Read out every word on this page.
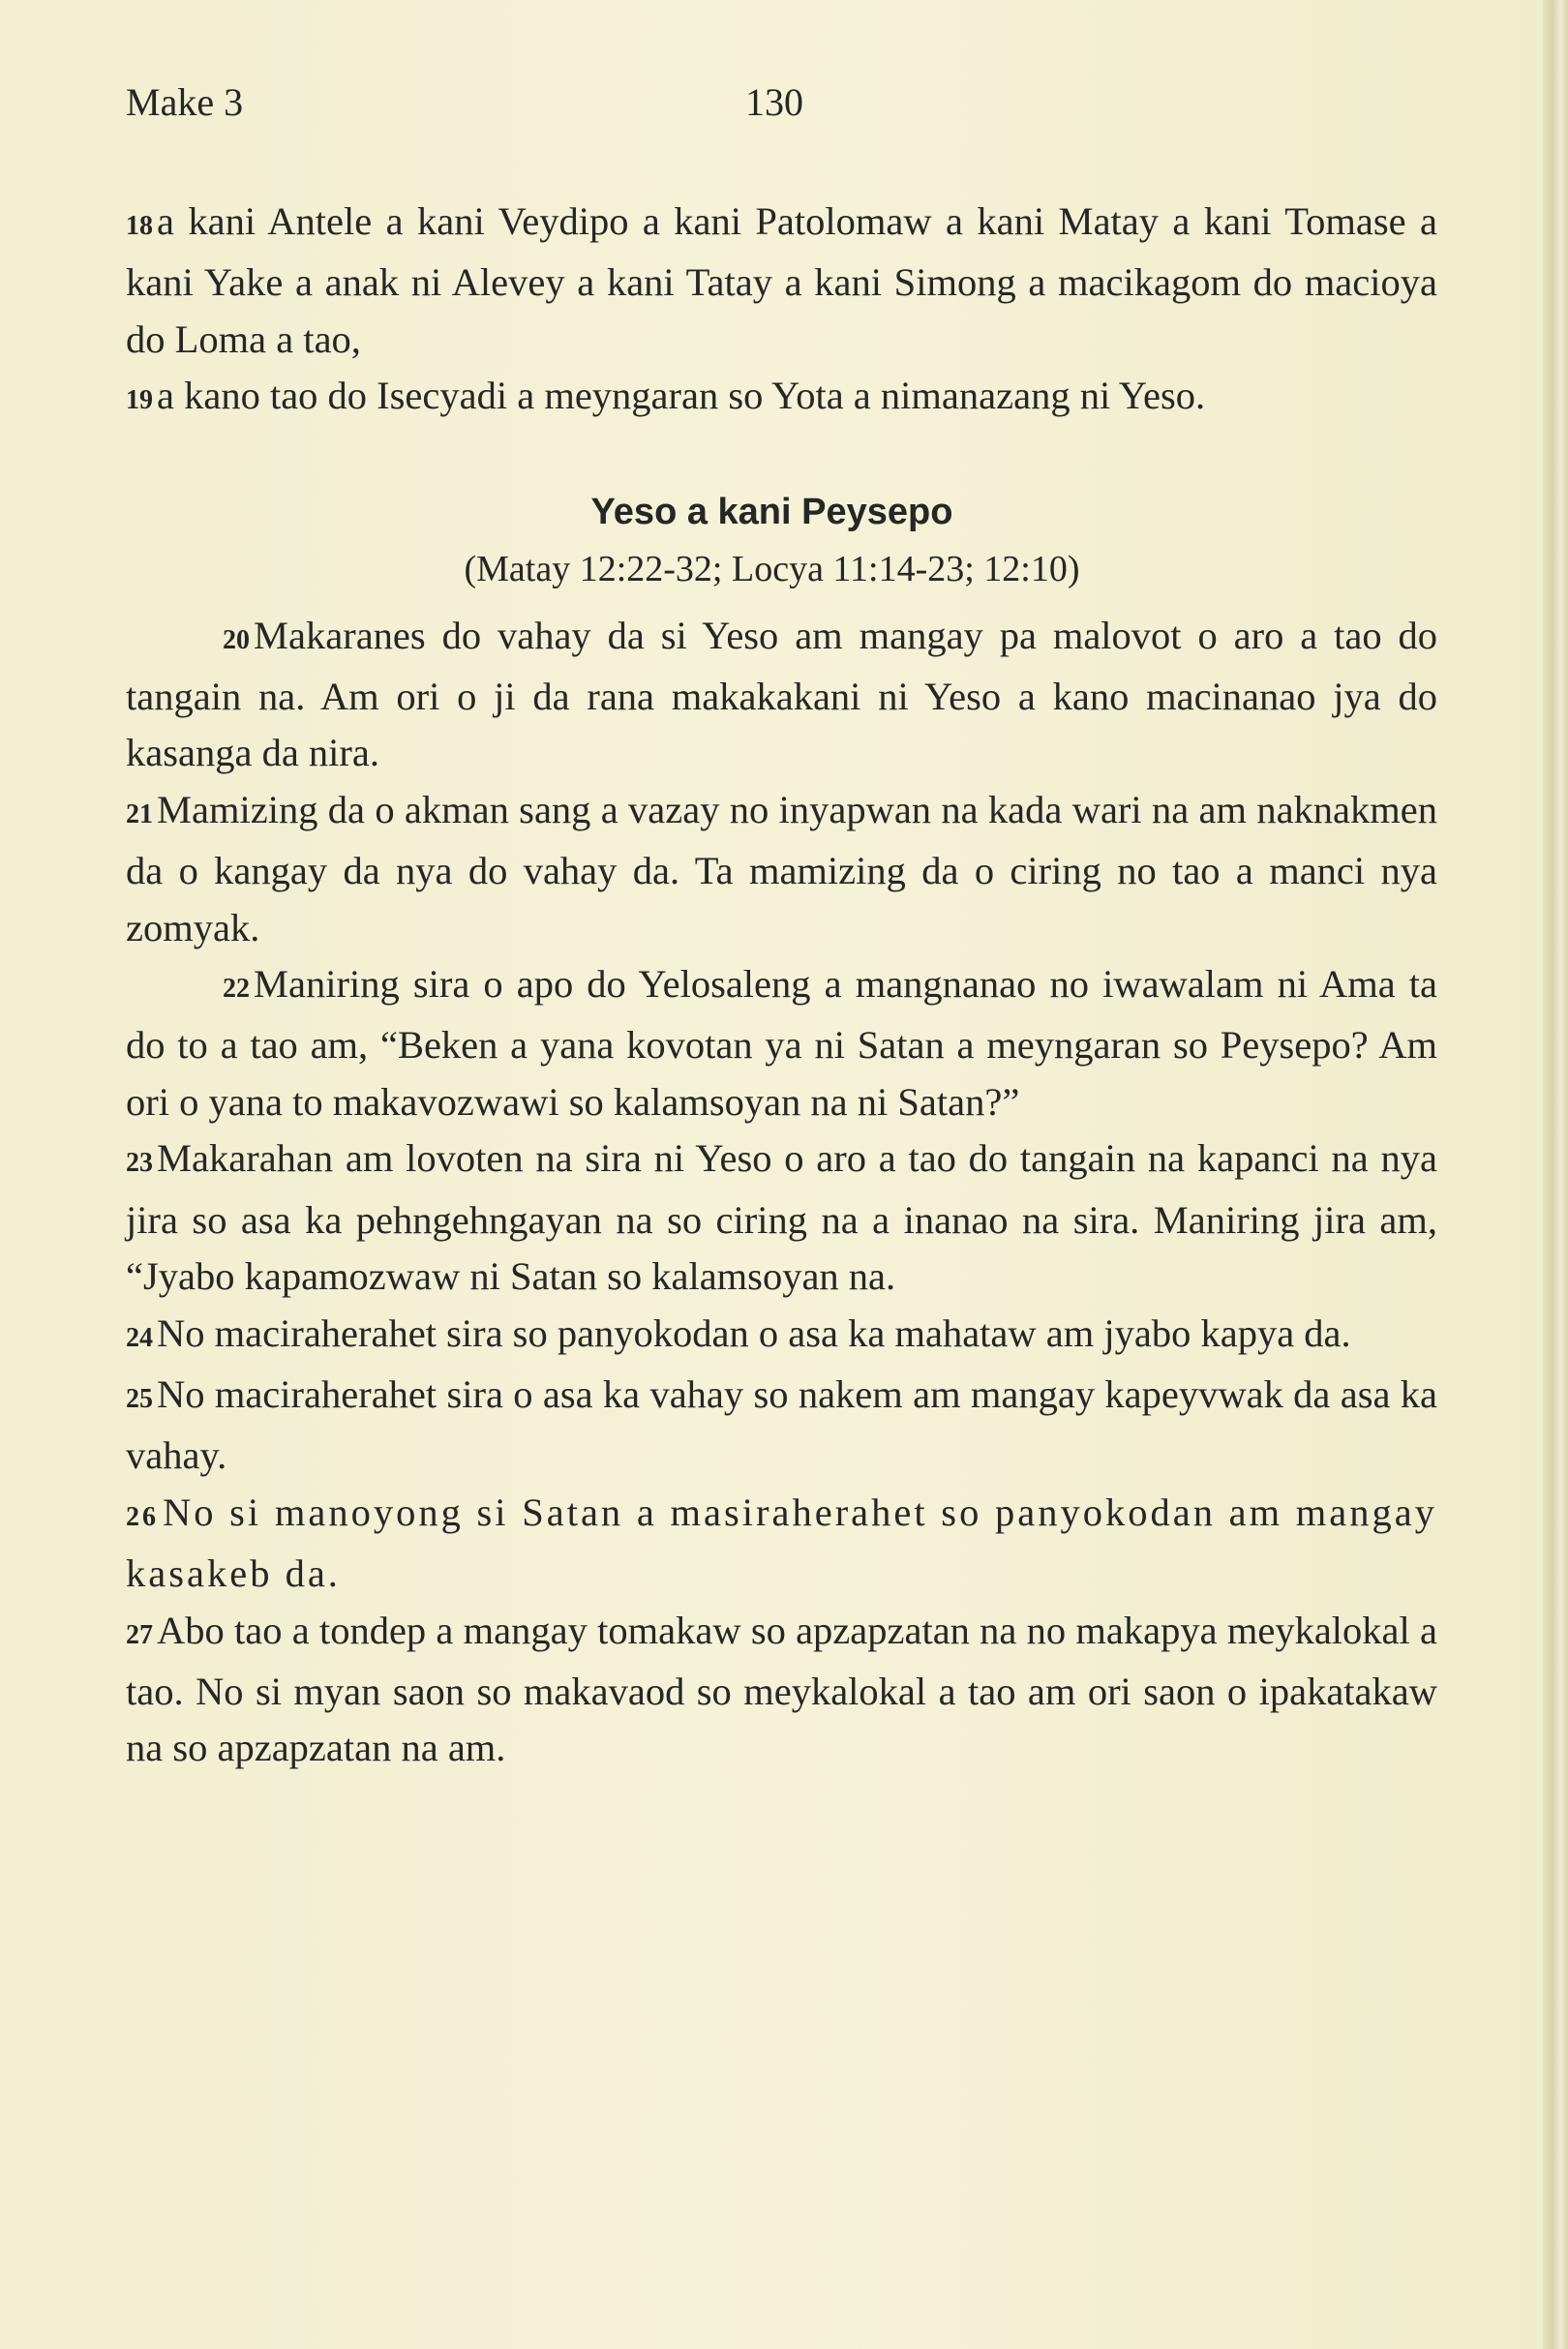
Make 3	130

18a kani Antele a kani Veydipo a kani Patolomaw a kani Matay a kani Tomase a kani Yake a anak ni Alevey a kani Tatay a kani Simong a macikagom do macioya do Loma a tao,

19a kano tao do Isecyadi a meyngaran so Yota a nimanazang ni Yeso.

Yeso a kani Peysepo
(Matay 12:22-32; Locya 11:14-23; 12:10)

20Makaranes do vahay da si Yeso am mangay pa malovot o aro a tao do tangain na. Am ori o ji da rana makakakani ni Yeso a kano macinanao jya do kasanga da nira.

21Mamizing da o akman sang a vazay no inyapwan na kada wari na am naknakmen da o kangay da nya do vahay da. Ta mamizing da o ciring no tao a manci nya zomyak.

22Maniring sira o apo do Yelosaleng a mangnanao no iwawalam ni Ama ta do to a tao am, “Beken a yana kovotan ya ni Satan a meyngaran so Peysepo? Am ori o yana to makavozwawi so kalamsoyan na ni Satan?”

23Makarahan am lovoten na sira ni Yeso o aro a tao do tangain na kapanci na nya jira so asa ka pehngehngayan na so ciring na a inanao na sira. Maniring jira am, “Jyabo kapamozwaw ni Satan so kalamsoyan na.

24No maciraherahet sira so panyokodan o asa ka mahataw am jyabo kapya da.

25No maciraherahet sira o asa ka vahay so nakem am mangay kapeyvwak da asa ka vahay.

26No si manoyong si Satan a masiraherahet so panyokodan am mangay kasakeb da.

27Abo tao a tondep a mangay tomakaw so apzapzatan na no makapya meykalokal a tao. No si myan saon so makavaod so meykalokal a tao am ori saon o ipakatakaw na so apzapzatan na am.
